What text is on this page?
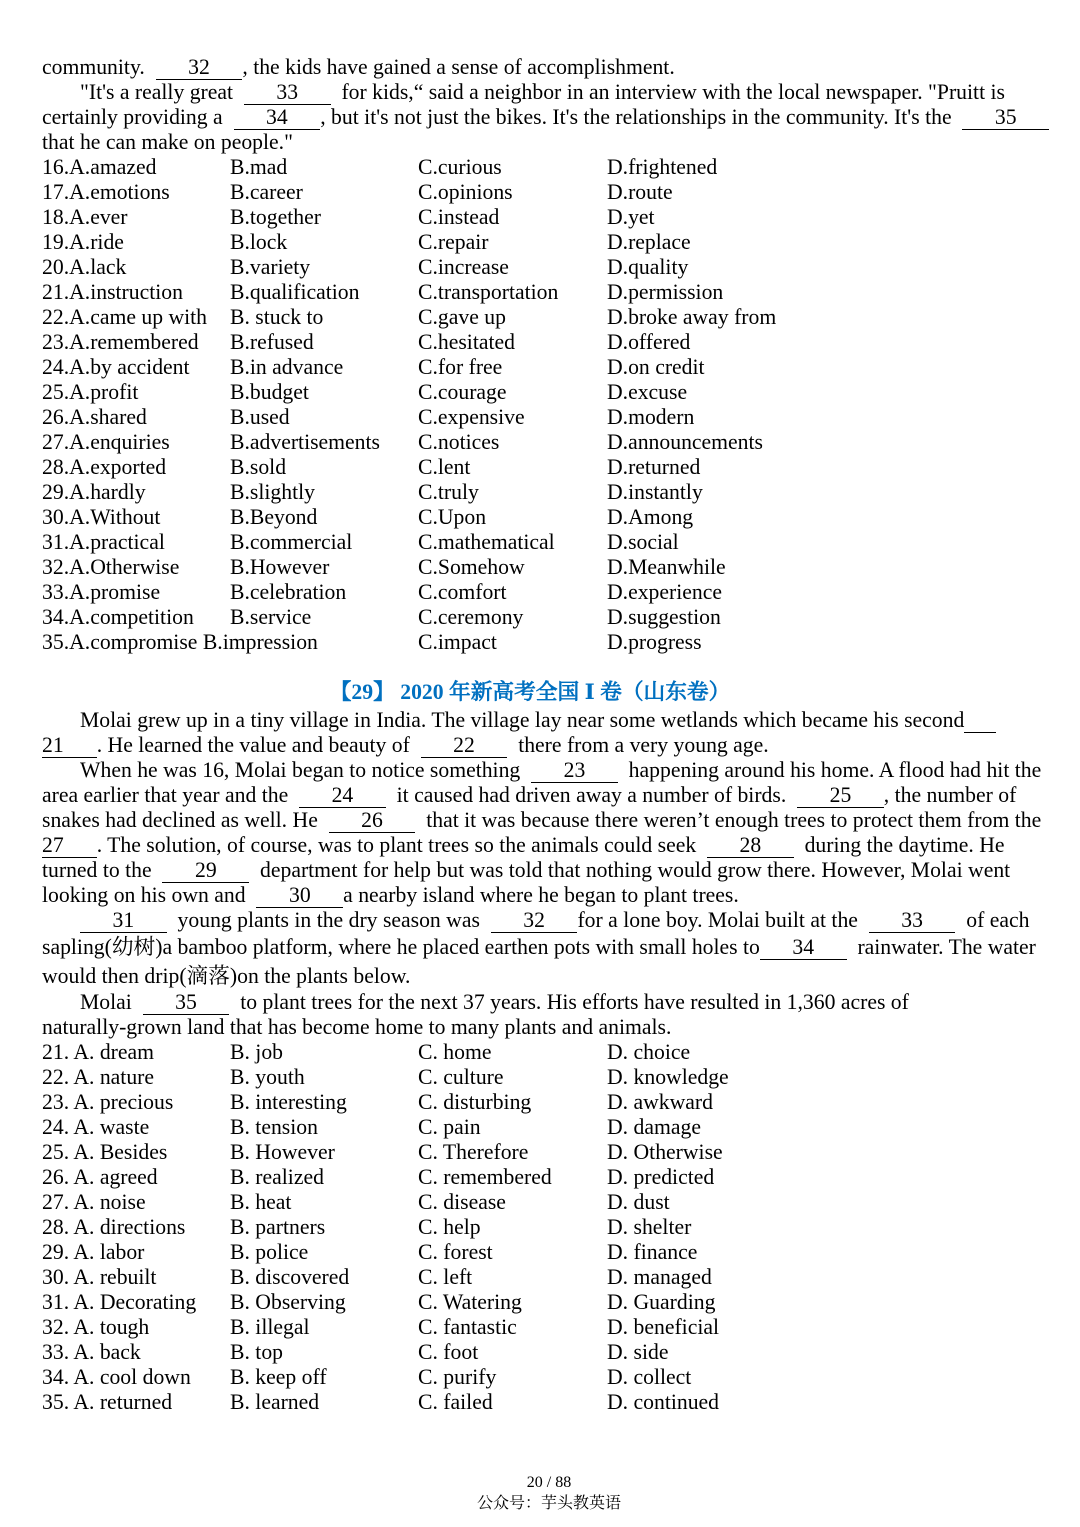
community.  32 , the kids have gained a sense of accomplishment.
"It's a really great  33  for kids,“ said a neighbor in an interview with the local newspaper. "Pruitt is
certainly providing a  34 , but it's not just the bikes. It's the relationships in the community. It's the  35
that he can make on people."
16.A.amazed	B.mad	C.curious	D.frightened
17.A.emotions	B.career	C.opinions	D.route
18.A.ever	B.together	C.instead	D.yet
19.A.ride	B.lock	C.repair	D.replace
20.A.lack	B.variety	C.increase	D.quality
21.A.instruction	B.qualification	C.transportation	D.permission
22.A.came up with	B. stuck to	C.gave up	D.broke away from
23.A.remembered	B.refused	C.hesitated	D.offered
24.A.by accident	B.in advance	C.for free	D.on credit
25.A.profit	B.budget	C.courage	D.excuse
26.A.shared	B.used	C.expensive	D.modern
27.A.enquiries	B.advertisements	C.notices	D.announcements
28.A.exported	B.sold	C.lent	D.returned
29.A.hardly	B.slightly	C.truly	D.instantly
30.A.Without	B.Beyond	C.Upon	D.Among
31.A.practical	B.commercial	C.mathematical	D.social
32.A.Otherwise	B.However	C.Somehow	D.Meanwhile
33.A.promise	B.celebration	C.comfort	D.experience
34.A.competition	B.service	C.ceremony	D.suggestion
35.A.compromise B.impression	C.impact	D.progress
【29】 2020 年新高考全国 Ⅰ 卷（山东卷）
Molai grew up in a tiny village in India. The village lay near some wetlands which became his second
21 . He learned the value and beauty of  22  there from a very young age.
When he was 16, Molai began to notice something  23  happening around his home. A flood had hit the
area earlier that year and the  24  it caused had driven away a number of birds.  25 , the number of
snakes had declined as well. He  26  that it was because there weren’t enough trees to protect them from the
27 . The solution, of course, was to plant trees so the animals could seek  28  during the daytime. He
turned to the  29  department for help but was told that nothing would grow there. However, Molai went
looking on his own and  30 a nearby island where he began to plant trees.
31  young plants in the dry season was  32 for a lone boy. Molai built at the  33  of each
sapling(幼树)a bamboo platform, where he placed earthen pots with small holes to 34  rainwater. The water
would then drip(滴落)on the plants below.
Molai  35  to plant trees for the next 37 years. His efforts have resulted in 1,360 acres of
naturally-grown land that has become home to many plants and animals.
21. A. dream	B. job	C. home	D. choice
22. A. nature	B. youth	C. culture	D. knowledge
23. A. precious	B. interesting	C. disturbing	D. awkward
24. A. waste	B. tension	C. pain	D. damage
25. A. Besides	B. However	C. Therefore	D. Otherwise
26. A. agreed	B. realized	C. remembered	D. predicted
27. A. noise	B. heat	C. disease	D. dust
28. A. directions	B. partners	C. help	D. shelter
29. A. labor	B. police	C. forest	D. finance
30. A. rebuilt	B. discovered	C. left	D. managed
31. A. Decorating	B. Observing	C. Watering	D. Guarding
32. A. tough	B. illegal	C. fantastic	D. beneficial
33. A. back	B. top	C. foot	D. side
34. A. cool down	B. keep off	C. purify	D. collect
35. A. returned	B. learned	C. failed	D. continued
20 / 88
公众号：芋头教英语
